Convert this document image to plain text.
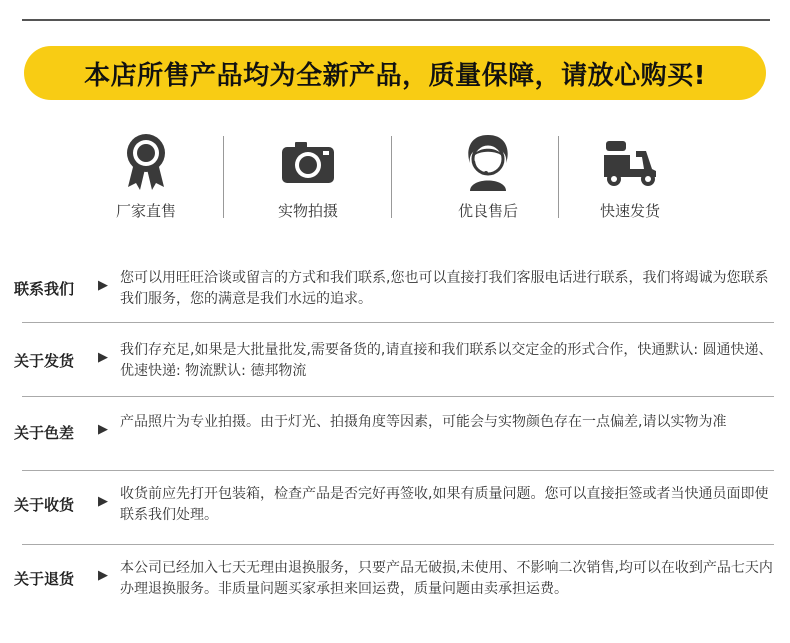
本店所售产品均为全新产品，质量保障，请放心购买!
厂家直售	实物拍摄	优良售后	快速发货
联系我们 ▶ 您可以用旺旺洽谈或留言的方式和我们联系,您也可以直接打我们客服电话进行联系，我们将竭诚为您联系我们服务，您的满意是我们水远的追求。
关于发货 ▶ 我们存充足,如果是大批量批发,需要备货的,请直接和我们联系以交定金的形式合作，快通默认: 圆通快递、优速快递: 物流默认: 德邦物流
关于色差 ▶ 产品照片为专业拍摄。由于灯光、拍摄角度等因素，可能会与实物颜色存在一点偏差,请以实物为准
关于收货 ▶ 收货前应先打开包装箱，检查产品是否完好再签收,如果有质量问题。您可以直接拒签或者当快通员面即使联系我们处理。
关于退货 ▶ 本公司已经加入七天无理由退换服务，只要产品无破损,未使用、不影响二次销售,均可以在收到产品七天内办理退换服务。非质量问题买家承担来回运费，质量问题由卖承担运费。
